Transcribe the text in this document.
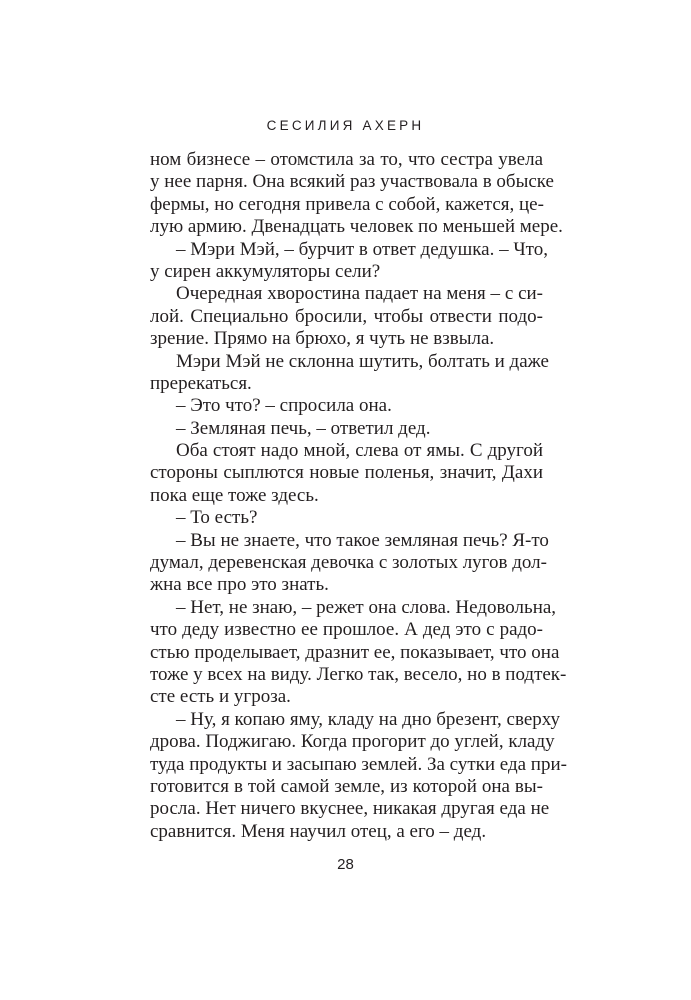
СЕСИЛИЯ АХЕРН
ном бизнесе – отомстила за то, что сестра увела
у нее парня. Она всякий раз участвовала в обыске
фермы, но сегодня привела с собой, кажется, це-
лую армию. Двенадцать человек по меньшей мере.
– Мэри Мэй, – бурчит в ответ дедушка. – Что,
у сирен аккумуляторы сели?
Очередная хворостина падает на меня – с си-
лой. Специально бросили, чтобы отвести подо-
зрение. Прямо на брюхо, я чуть не взвыла.
Мэри Мэй не склонна шутить, болтать и даже
пререкаться.
– Это что? – спросила она.
– Земляная печь, – ответил дед.
Оба стоят надо мной, слева от ямы. С другой
стороны сыплются новые поленья, значит, Дахи
пока еще тоже здесь.
– То есть?
– Вы не знаете, что такое земляная печь? Я-то
думал, деревенская девочка с золотых лугов дол-
жна все про это знать.
– Нет, не знаю, – режет она слова. Недовольна,
что деду известно ее прошлое. А дед это с радо-
стью проделывает, дразнит ее, показывает, что она
тоже у всех на виду. Легко так, весело, но в подтек-
сте есть и угроза.
– Ну, я копаю яму, кладу на дно брезент, сверху
дрова. Поджигаю. Когда прогорит до углей, кладу
туда продукты и засыпаю землей. За сутки еда при-
готовится в той самой земле, из которой она вы-
росла. Нет ничего вкуснее, никакая другая еда не
сравнится. Меня научил отец, а его – дед.
28
